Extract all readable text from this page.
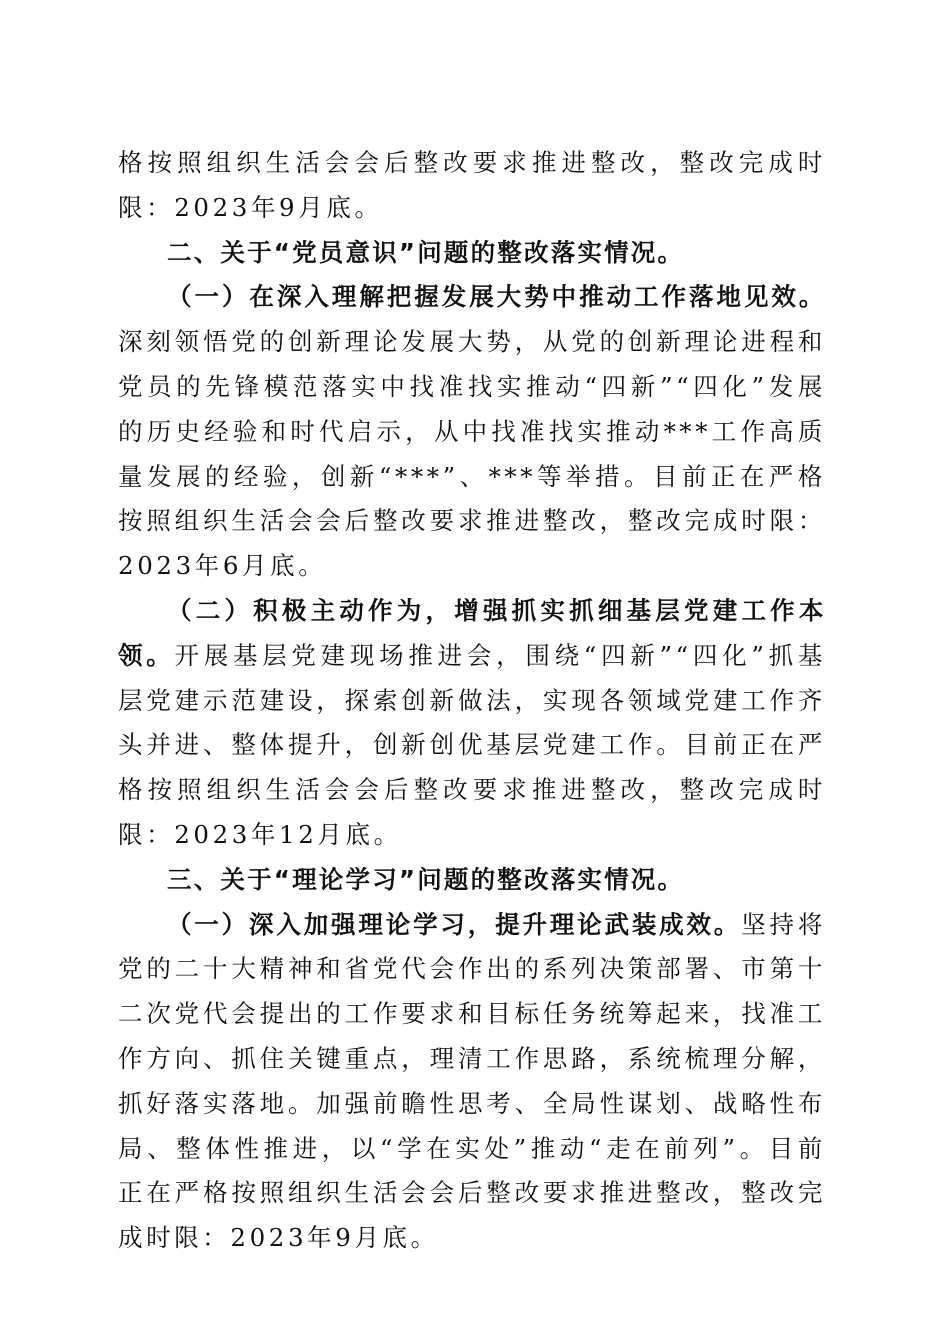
格按照组织生活会会后整改要求推进整改，整改完成时限：2023年9月底。

二、关于“党员意识”问题的整改落实情况。

（一）在深入理解把握发展大势中推动工作落地见效。深刻领悟党的创新理论发展大势，从党的创新理论进程和党员的先锋模范落实中找准找实推动“四新”“四化”发展的历史经验和时代启示，从中找准找实推动***工作高质量发展的经验，创新“***”、***等举措。目前正在严格按照组织生活会会后整改要求推进整改，整改完成时限：2023年6月底。

（二）积极主动作为，增强抓实抓细基层党建工作本领。开展基层党建现场推进会，围绕“四新”“四化”抓基层党建示范建设，探索创新做法，实现各领域党建工作齐头并进、整体提升，创新创优基层党建工作。目前正在严格按照组织生活会会后整改要求推进整改，整改完成时限：2023年12月底。

三、关于“理论学习”问题的整改落实情况。

（一）深入加强理论学习，提升理论武装成效。坚持将党的二十大精神和省党代会作出的系列决策部署、市第十二次党代会提出的工作要求和目标任务统筹起来，找准工作方向、抓住关键重点，理清工作思路，系统梳理分解，抓好落实落地。加强前瞻性思考、全局性谋划、战略性布局、整体性推进，以“学在实处”推动“走在前列”。目前正在严格按照组织生活会会后整改要求推进整改，整改完成时限：2023年9月底。
